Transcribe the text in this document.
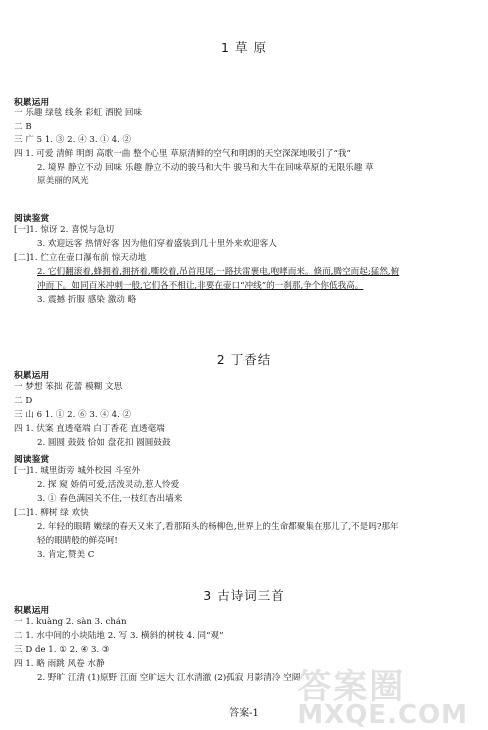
1 草 原
积累运用
一 乐趣 绿毯 线条 彩虹 洒脱 回味
二 B
三 广 5 1. ③ 2. ④ 3. ① 4. ②
四 1. 可爱 清鲜 明朗 高歌一曲 整个心里 草原清鲜的空气和明朗的天空深深地吸引了“我”
2. 境界 静立不动 回味 乐趣 静立不动的骏马和大牛 骏马和大牛在回味草原的无限乐趣 草
原美丽的风光
阅读鉴赏
[一]1. 惊讶 2. 喜悦与急切
3. 欢迎远客 热情好客 因为他们穿着盛装到几十里外来欢迎客人
[二]1. 伫立在壶口瀑布前 惊天动地
2. 它们翻滚着,蜂拥着,拥挤着,嘶咬着,吊首甩尾,一路扶雷裹电,咆哮而来。倏而,腾空而起;猛然,俯
冲而下。如同百米冲刺一般,它们各不相让,非要在壶口“冲线”的一刹那,争个你低我高。
3. 震撼 折服 感染 激动 略
2 丁香结
积累运用
一 梦想 笨拙 花蕾 模糊 文思
二 D
三 山 6 1. ① 2. ⑥ 3. ④ 4. ②
四 1. 伏案 直透毫端 白丁香花 直透毫端
2. 圆圆 鼓鼓 恰如 盘花扣 圆圆鼓鼓
阅读鉴赏
[一]1. 城里街旁 城外校园 斗室外
2. 探 窥 娇俏可爱,活泼灵动,惹人怜爱
3. ① 春色满园关不住,一枝红杏出墙来
[二]1. 柳树 绿 欢快
2. 年轻的眼睛 嫩绿的春天又来了,看那陌头的杨柳色,世界上的生命都聚集在那儿了,不是吗?那年
轻的眼睛般的鲜亮呵!
3. 肯定,赞美 C
3 古诗词三首
积累运用
一 1. kuàng 2. sàn 3. chán
二 1. 水中间的小块陆地 2. 写 3. 横斜的树枝 4. 同“观”
三 D de 1. ① 2. ④ 3. ③
四 1. 略 雨跳 风卷 水静
2. 野旷 江清 (1)原野 江面 空旷远大 江水清澈 (2)孤寂 月影清冷 空阔
答案圈
MXQE.COM
答案-1
